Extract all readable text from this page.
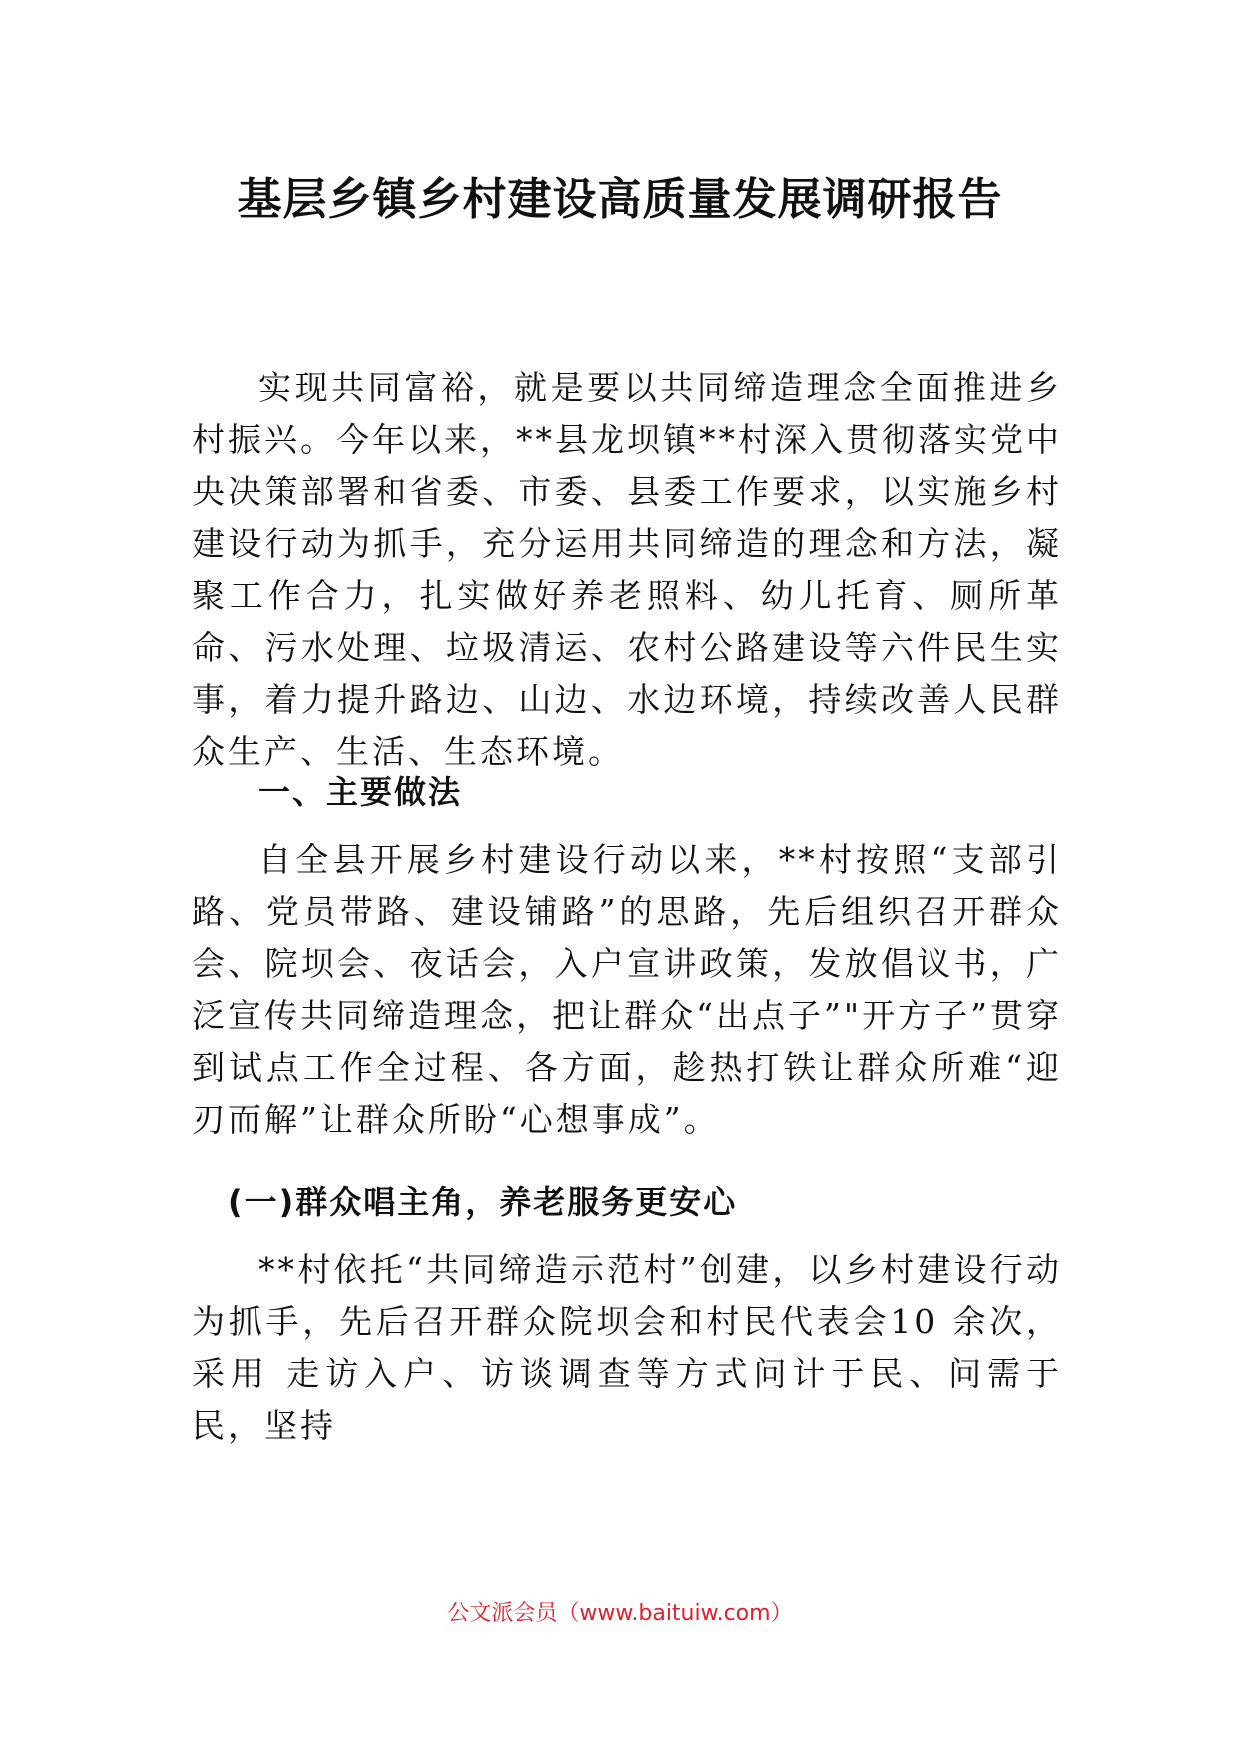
基层乡镇乡村建设高质量发展调研报告
实现共同富裕，就是要以共同缔造理念全面推进乡村振兴。今年以来，**县龙坝镇**村深入贯彻落实党中央决策部署和省委、市委、县委工作要求，以实施乡村建设行动为抓手，充分运用共同缔造的理念和方法，凝聚工作合力，扎实做好养老照料、幼儿托育、厕所革命、污水处理、垃圾清运、农村公路建设等六件民生实事，着力提升路边、山边、水边环境，持续改善人民群众生产、生活、生态环境。
一、主要做法
自全县开展乡村建设行动以来，**村按照“支部引路、党员带路、建设铺路”的思路，先后组织召开群众会、院坝会、夜话会，入户宣讲政策，发放倡议书，广泛宣传共同缔造理念，把让群众“出点子”"开方子”贯穿到试点工作全过程、各方面，趁热打铁让群众所难“迎刃而解”让群众所盼“心想事成”。
(一)群众唱主角，养老服务更安心
**村依托“共同缔造示范村”创建，以乡村建设行动为抓手，先后召开群众院坝会和村民代表会10 余次，采用 走访入户、访谈调查等方式问计于民、问需于民，坚持
公文派会员（www.baituiw.com）
